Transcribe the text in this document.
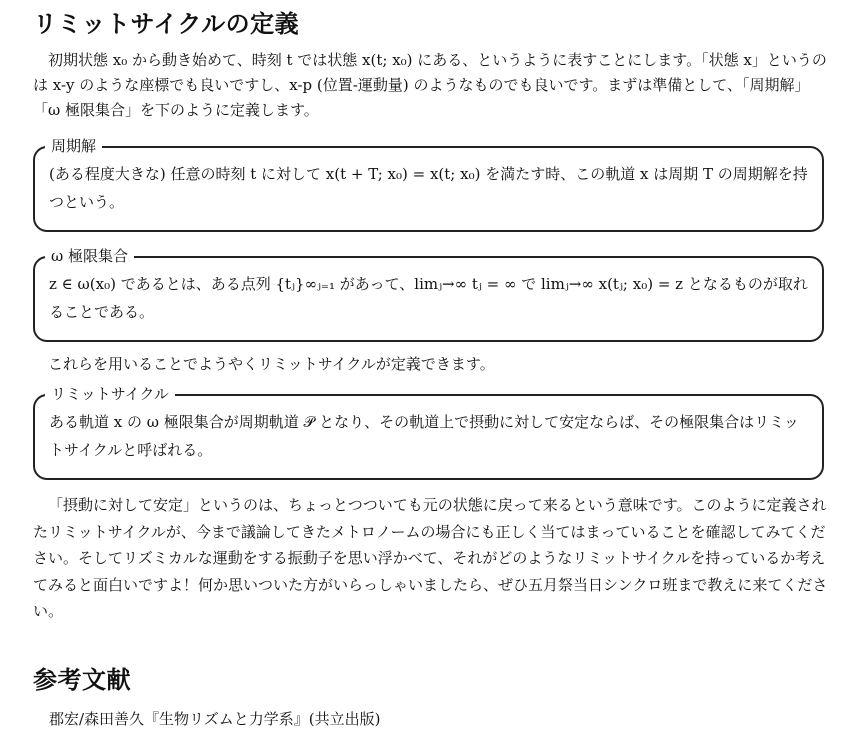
リミットサイクルの定義

初期状態 x₀ から動き始めて、時刻 t では状態 x(t; x₀) にある、というように表すことにします。「状態 x」というのは x-y のような座標でも良いですし、x-p (位置-運動量) のようなものでも良いです。まずは準備として、「周期解」「ω 極限集合」を下のように定義します。

周期解

(ある程度大きな) 任意の時刻 t に対して x(t + T; x₀) = x(t; x₀) を満たす時、この軌道 x は周期 T の周期解を持つという。

ω 極限集合

z ∈ ω(x₀) であるとは、ある点列 {tⱼ}∞ⱼ₌₁ があって、limⱼ→∞ tⱼ = ∞ で limⱼ→∞ x(tⱼ; x₀) = z となるものが取れることである。

これらを用いることでようやくリミットサイクルが定義できます。

リミットサイクル

ある軌道 x の ω 極限集合が周期軌道 𝒫 となり、その軌道上で摂動に対して安定ならば、その極限集合はリミットサイクルと呼ばれる。

「摂動に対して安定」というのは、ちょっとつついても元の状態に戻って来るという意味です。このように定義されたリミットサイクルが、今まで議論してきたメトロノームの場合にも正しく当てはまっていることを確認してみてください。そしてリズミカルな運動をする振動子を思い浮かべて、それがどのようなリミットサイクルを持っているか考えてみると面白いですよ！何か思いついた方がいらっしゃいましたら、ぜひ五月祭当日シンクロ班まで教えに来てください。

参考文献
郡宏/森田善久『生物リズムと力学系』(共立出版)
